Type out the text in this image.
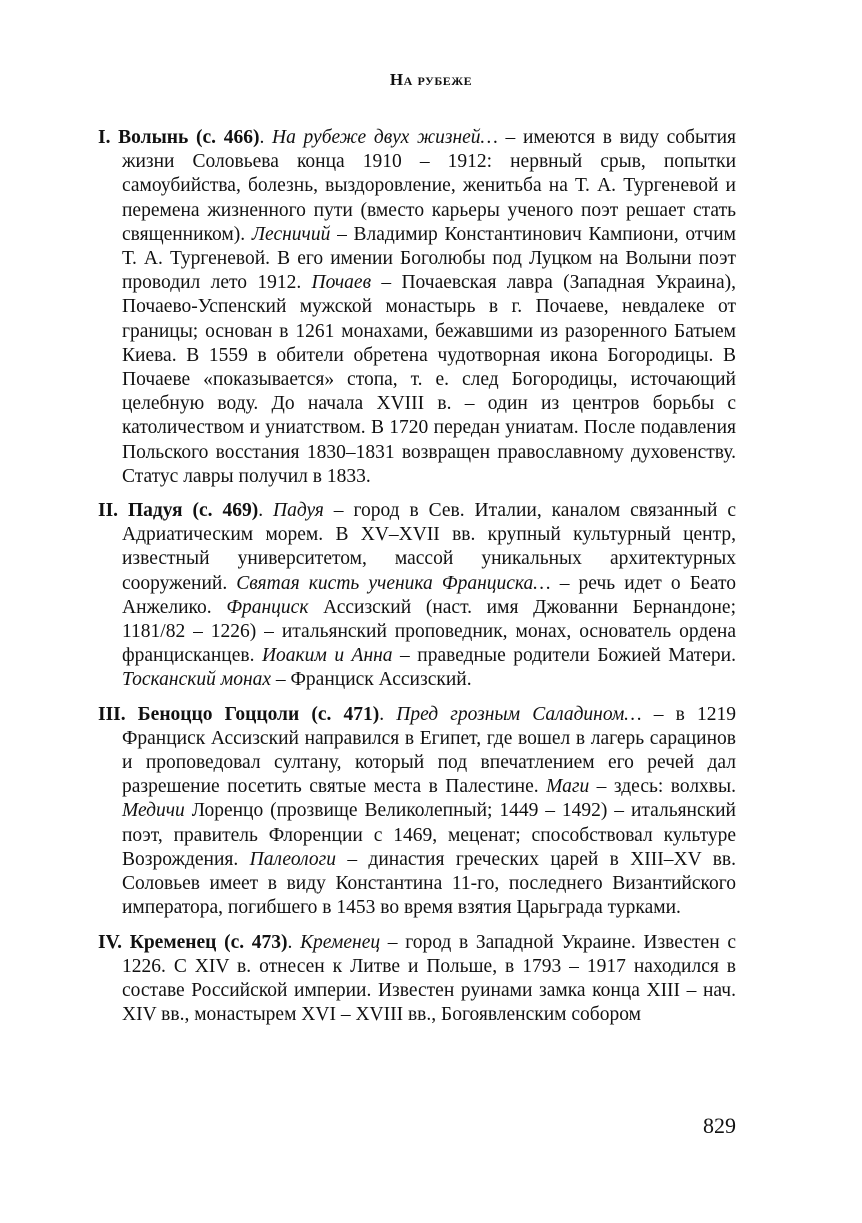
На рубеже

I. Волынь (с. 466). На рубеже двух жизней… – имеются в виду события жизни Соловьева конца 1910 – 1912: нервный срыв, попытки самоубийства, болезнь, выздоровление, женитьба на Т. А. Тургеневой и перемена жизненного пути (вместо карьеры ученого поэт решает стать священником). Лесничий – Владимир Константинович Кампиони, отчим Т. А. Тургеневой. В его имении Боголюбы под Луцком на Волыни поэт проводил лето 1912. Почаев – Почаевская лавра (Западная Украина), Почаево-Успенский мужской монастырь в г. Почаеве, невдалеке от границы; основан в 1261 монахами, бежавшими из разоренного Батыем Киева. В 1559 в обители обретена чудотворная икона Богородицы. В Почаеве «показывается» стопа, т. е. след Богородицы, источающий целебную воду. До начала XVIII в. – один из центров борьбы с католичеством и униатством. В 1720 передан униатам. После подавления Польского восстания 1830–1831 возвращен православному духовенству. Статус лавры получил в 1833.

II. Падуя (с. 469). Падуя – город в Сев. Италии, каналом связанный с Адриатическим морем. В XV–XVII вв. крупный культурный центр, известный университетом, массой уникальных архитектурных сооружений. Святая кисть ученика Франциска… – речь идет о Беато Анжелико. Франциск Ассизский (наст. имя Джованни Бернандоне; 1181/82 – 1226) – итальянский проповедник, монах, основатель ордена францисканцев. Иоаким и Анна – праведные родители Божией Матери. Тосканский монах – Франциск Ассизский.

III. Беноццо Гоццоли (с. 471). Пред грозным Саладином… – в 1219 Франциск Ассизский направился в Египет, где вошел в лагерь сарацинов и проповедовал султану, который под впечатлением его речей дал разрешение посетить святые места в Палестине. Маги – здесь: волхвы. Медичи Лоренцо (прозвище Великолепный; 1449 – 1492) – итальянский поэт, правитель Флоренции с 1469, меценат; способствовал культуре Возрождения. Палеологи – династия греческих царей в XIII–XV вв. Соловьев имеет в виду Константина 11-го, последнего Византийского императора, погибшего в 1453 во время взятия Царьграда турками.

IV. Кременец (с. 473). Кременец – город в Западной Украине. Известен с 1226. С XIV в. отнесен к Литве и Польше, в 1793 – 1917 находился в составе Российской империи. Известен руинами замка конца XIII – нач. XIV вв., монастырем XVI – XVIII вв., Богоявленским собором

829
